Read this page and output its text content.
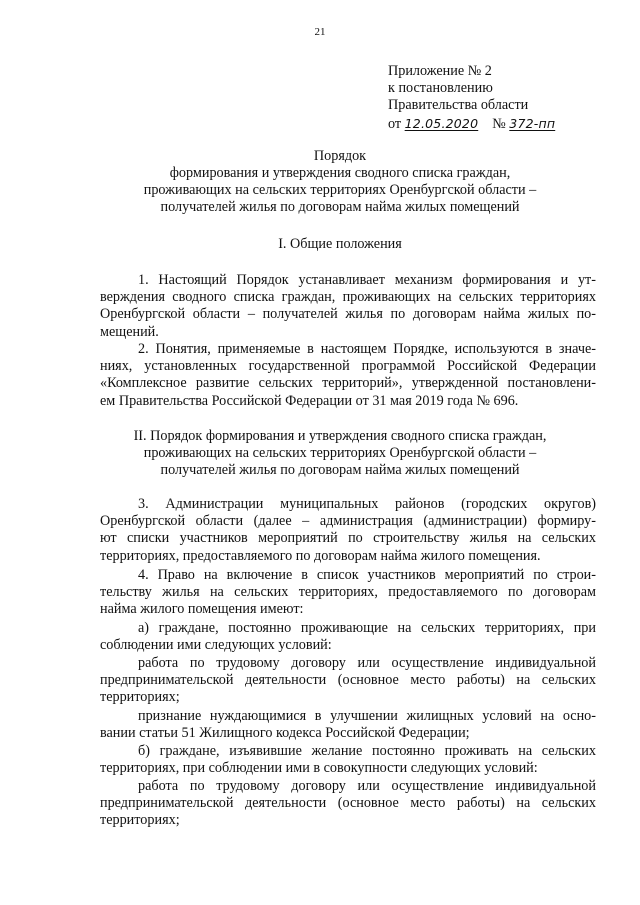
21
Приложение № 2
к постановлению
Правительства области
от 12.05.2020 № 372-пп
Порядок
формирования и утверждения сводного списка граждан,
проживающих на сельских территориях Оренбургской области –
получателей жилья по договорам найма жилых помещений
I. Общие положения
1. Настоящий Порядок устанавливает механизм формирования и ут-
верждения сводного списка граждан, проживающих на сельских территориях
Оренбургской области – получателей жилья по договорам найма жилых по-
мещений.
2. Понятия, применяемые в настоящем Порядке, используются в значе-
ниях, установленных государственной программой Российской Федерации
«Комплексное развитие сельских территорий», утвержденной постановлени-
ем Правительства Российской Федерации от 31 мая 2019 года № 696.
II. Порядок формирования и утверждения сводного списка граждан,
проживающих на сельских территориях Оренбургской области –
получателей жилья по договорам найма жилых помещений
3. Администрации муниципальных районов (городских округов)
Оренбургской области (далее – администрация (администрации) формиру-
ют списки участников мероприятий по строительству жилья на сельских
территориях, предоставляемого по договорам найма жилого помещения.
4. Право на включение в список участников мероприятий по строи-
тельству жилья на сельских территориях, предоставляемого по договорам
найма жилого помещения имеют:
а) граждане, постоянно проживающие на сельских территориях, при
соблюдении ими следующих условий:
работа по трудовому договору или осуществление индивидуальной
предпринимательской деятельности (основное место работы) на сельских
территориях;
признание нуждающимися в улучшении жилищных условий на осно-
вании статьи 51 Жилищного кодекса Российской Федерации;
б) граждане, изъявившие желание постоянно проживать на сельских
территориях, при соблюдении ими в совокупности следующих условий:
работа по трудовому договору или осуществление индивидуальной
предпринимательской деятельности (основное место работы) на сельских
территориях;
